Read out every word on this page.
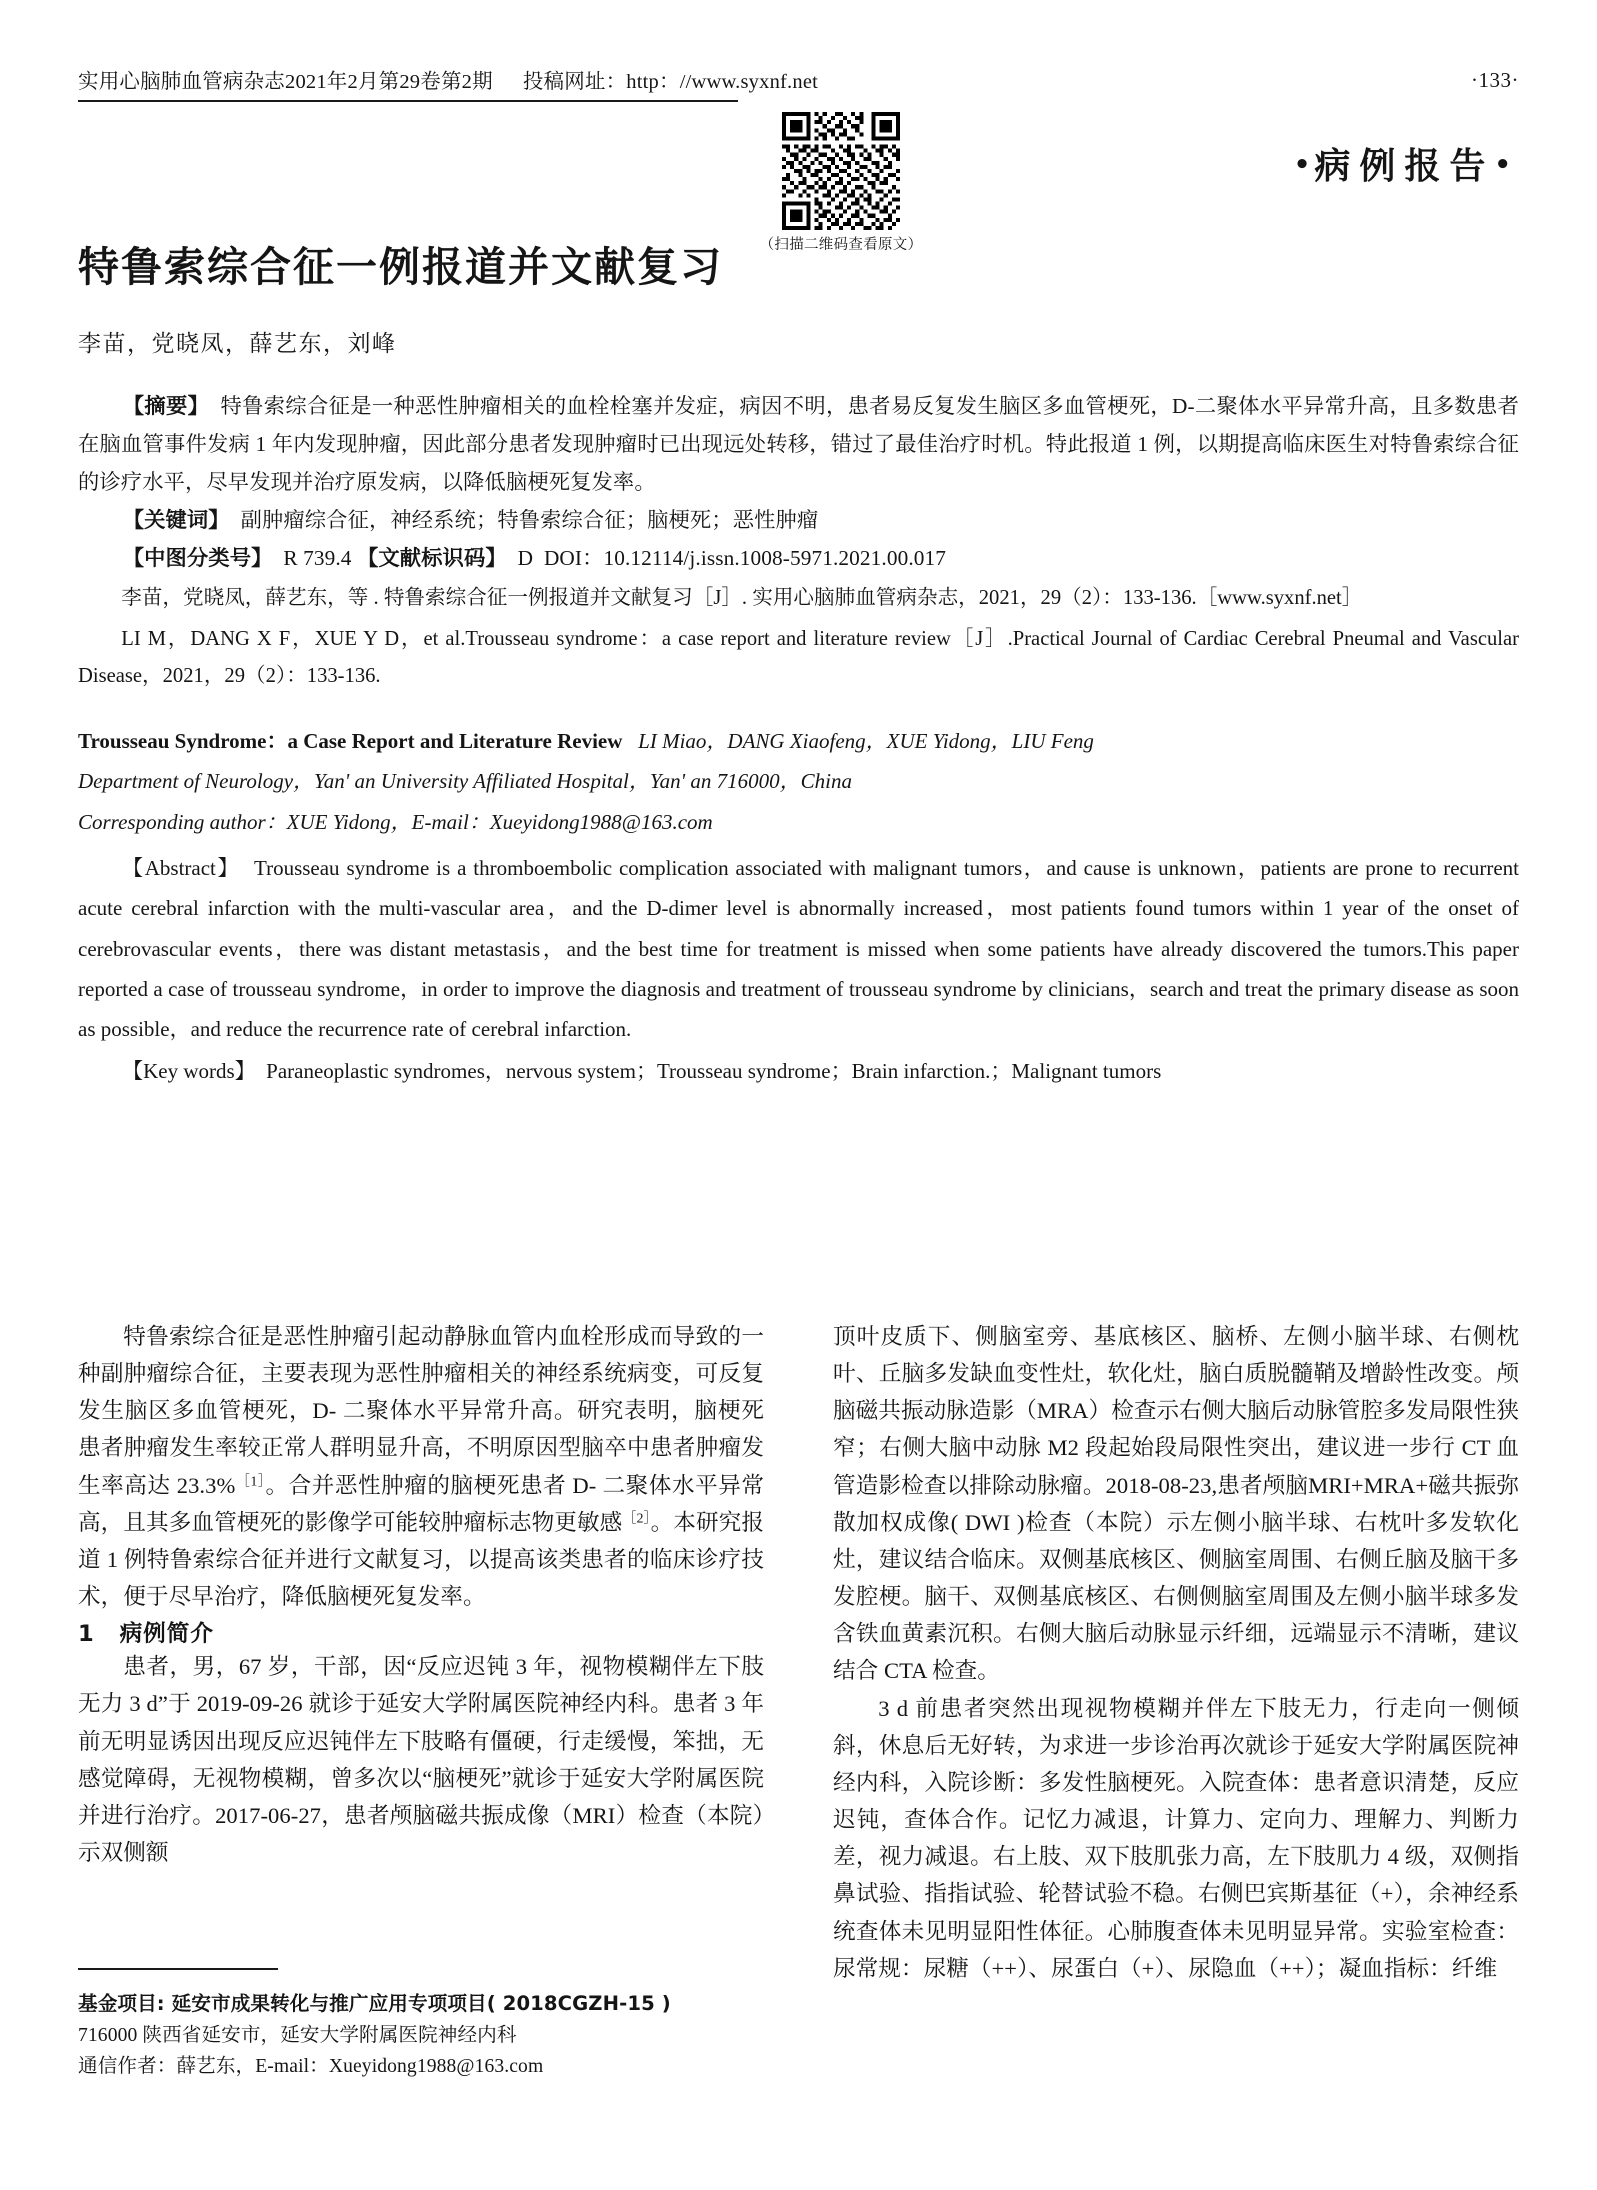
实用心脑肺血管病杂志2021年2月第29卷第2期 投稿网址：http：//www.syxnf.net	·133·
（扫描二维码查看原文）
•病例报告•
特鲁索综合征一例报道并文献复习
李苗，党晓凤，薛艺东，刘峰
【摘要】 特鲁索综合征是一种恶性肿瘤相关的血栓栓塞并发症，病因不明，患者易反复发生脑区多血管梗死，D-二聚体水平异常升高，且多数患者在脑血管事件发病 1 年内发现肿瘤，因此部分患者发现肿瘤时已出现远处转移，错过了最佳治疗时机。特此报道 1 例，以期提高临床医生对特鲁索综合征的诊疗水平，尽早发现并治疗原发病，以降低脑梗死复发率。
【关键词】 副肿瘤综合征，神经系统；特鲁索综合征；脑梗死；恶性肿瘤
【中图分类号】 R 739.4 【文献标识码】 D DOI：10.12114/j.issn.1008-5971.2021.00.017
李苗，党晓凤，薛艺东，等 . 特鲁索综合征一例报道并文献复习［J］. 实用心脑肺血管病杂志，2021，29（2）：133-136.［www.syxnf.net］
LI M，DANG X F，XUE Y D，et al.Trousseau syndrome：a case report and literature review［J］.Practical Journal of Cardiac Cerebral Pneumal and Vascular Disease，2021，29（2）：133-136.
Trousseau Syndrome：a Case Report and Literature Review LI Miao，DANG Xiaofeng，XUE Yidong，LIU Feng
Department of Neurology，Yan' an University Affiliated Hospital，Yan' an 716000，China
Corresponding author：XUE Yidong，E-mail：Xueyidong1988@163.com
【Abstract】 Trousseau syndrome is a thromboembolic complication associated with malignant tumors，and cause is unknown，patients are prone to recurrent acute cerebral infarction with the multi-vascular area，and the D-dimer level is abnormally increased，most patients found tumors within 1 year of the onset of cerebrovascular events，there was distant metastasis，and the best time for treatment is missed when some patients have already discovered the tumors.This paper reported a case of trousseau syndrome，in order to improve the diagnosis and treatment of trousseau syndrome by clinicians，search and treat the primary disease as soon as possible，and reduce the recurrence rate of cerebral infarction.
【Key words】 Paraneoplastic syndromes，nervous system；Trousseau syndrome；Brain infarction.；Malignant tumors

特鲁索综合征是恶性肿瘤引起动静脉血管内血栓形成而导致的一种副肿瘤综合征，主要表现为恶性肿瘤相关的神经系统病变，可反复发生脑区多血管梗死，D- 二聚体水平异常升高。研究表明，脑梗死患者肿瘤发生率较正常人群明显升高，不明原因型脑卒中患者肿瘤发生率高达 23.3%$^{[1]}$。合并恶性肿瘤的脑梗死患者 D- 二聚体水平异常高，且其多血管梗死的影像学可能较肿瘤标志物更敏感$^{[2]}$。本研究报道 1 例特鲁索综合征并进行文献复习，以提高该类患者的临床诊疗技术，便于尽早治疗，降低脑梗死复发率。

1 病例简介

患者，男，67 岁，干部，因“反应迟钝 3 年，视物模糊伴左下肢无力 3 d”于 2019-09-26 就诊于延安大学附属医院神经内科。患者 3 年前无明显诱因出现反应迟钝伴左下肢略有僵硬，行走缓慢，笨拙，无感觉障碍，无视物模糊，曾多次以“脑梗死”就诊于延安大学附属医院并进行治疗。2017-06-27，患者颅脑磁共振成像（MRI）检查（本院）示双侧额

顶叶皮质下、侧脑室旁、基底核区、脑桥、左侧小脑半球、右侧枕叶、丘脑多发缺血变性灶，软化灶，脑白质脱髓鞘及增龄性改变。颅脑磁共振动脉造影（MRA）检查示右侧大脑后动脉管腔多发局限性狭窄；右侧大脑中动脉 M2 段起始段局限性突出，建议进一步行 CT 血管造影检查以排除动脉瘤。2018-08-23,患者颅脑MRI+MRA+磁共振弥散加权成像( DWI )检查（本院）示左侧小脑半球、右枕叶多发软化灶，建议结合临床。双侧基底核区、侧脑室周围、右侧丘脑及脑干多发腔梗。脑干、双侧基底核区、右侧侧脑室周围及左侧小脑半球多发含铁血黄素沉积。右侧大脑后动脉显示纤细，远端显示不清晰，建议结合 CTA 检查。

3 d 前患者突然出现视物模糊并伴左下肢无力，行走向一侧倾斜，休息后无好转，为求进一步诊治再次就诊于延安大学附属医院神经内科，入院诊断：多发性脑梗死。入院查体：患者意识清楚，反应迟钝，查体合作。记忆力减退，计算力、定向力、理解力、判断力差，视力减退。右上肢、双下肢肌张力高，左下肢肌力 4 级，双侧指鼻试验、指指试验、轮替试验不稳。右侧巴宾斯基征（+），余神经系统查体未见明显阳性体征。心肺腹查体未见明显异常。实验室检查：尿常规：尿糖（++）、尿蛋白（+）、尿隐血（++）；凝血指标：纤维

基金项目: 延安市成果转化与推广应用专项项目( 2018CGZH-15 )
716000 陕西省延安市，延安大学附属医院神经内科
通信作者：薛艺东，E-mail：Xueyidong1988@163.com
